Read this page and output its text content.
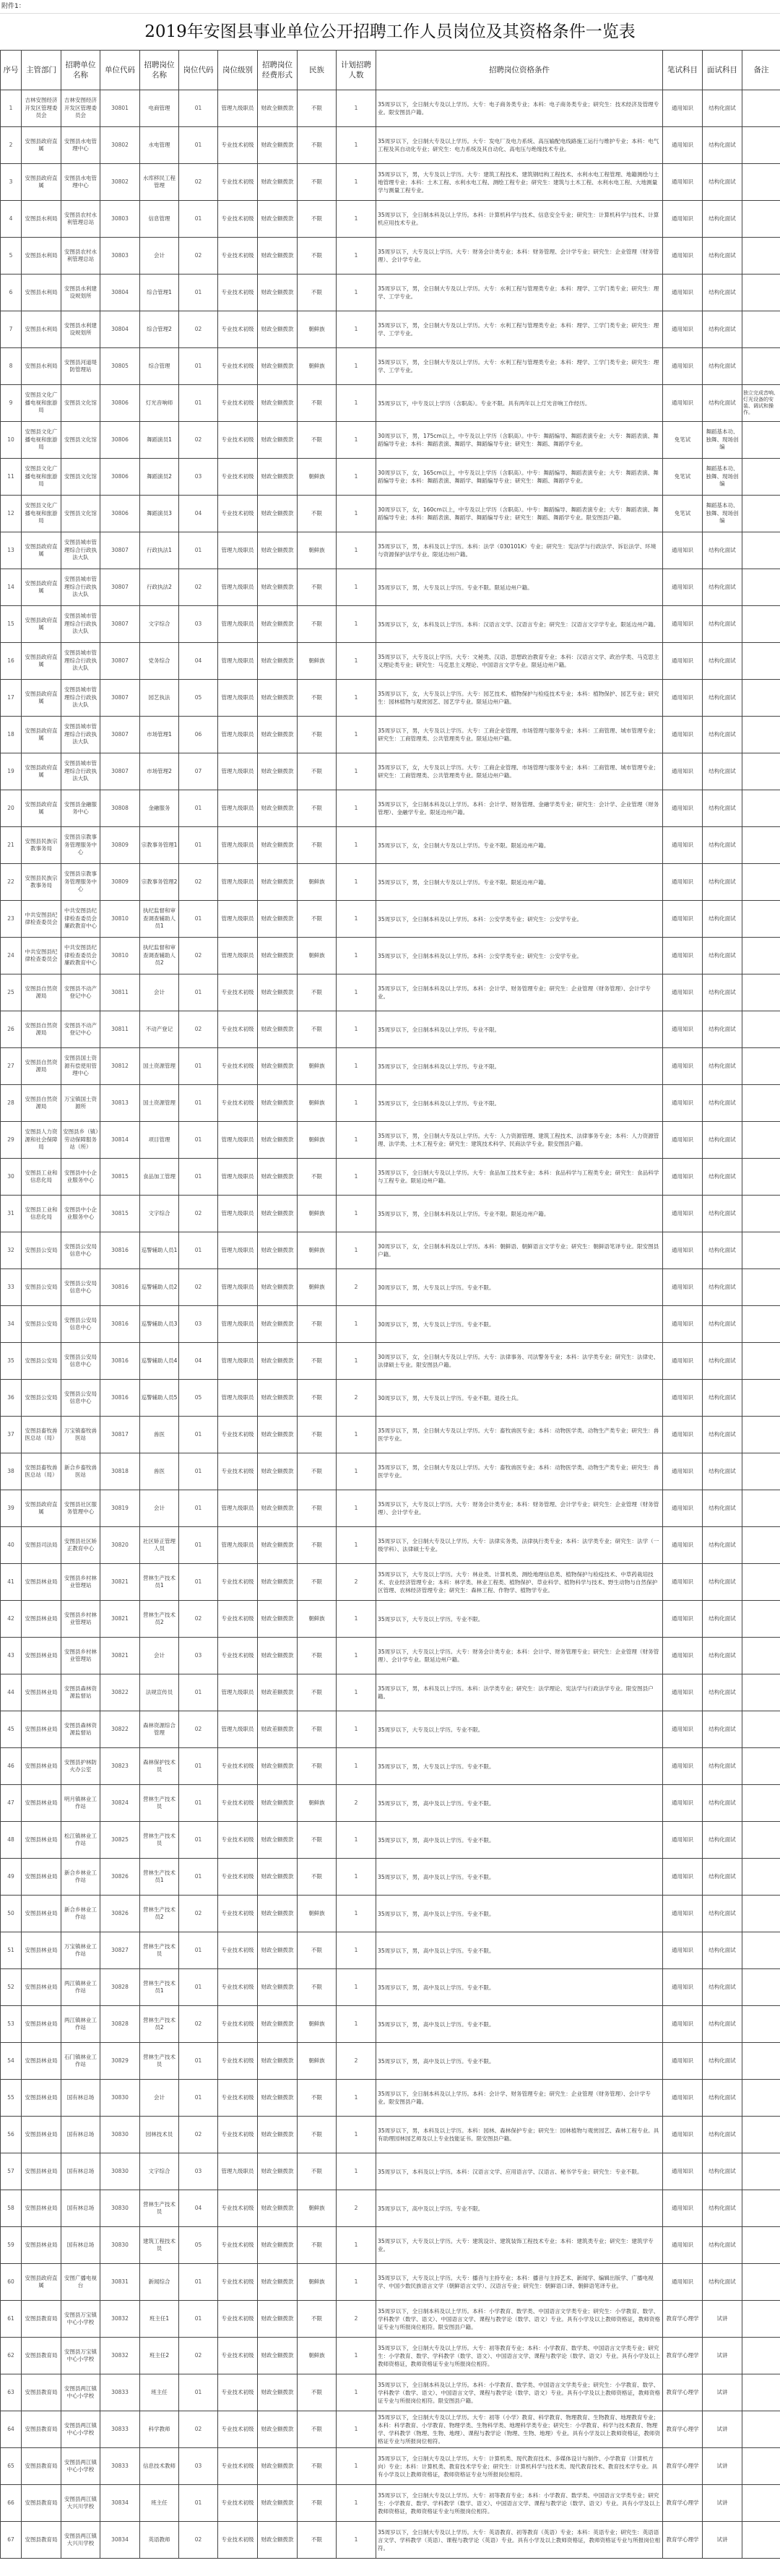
附件1：
2019年安图县事业单位公开招聘工作人员岗位及其资格条件一览表
序号	主管部门	招聘单位名称	单位代码	招聘岗位名称	岗位代码	岗位级别	招聘岗位经费形式	民族	计划招聘人数	招聘岗位资格条件	笔试科目	面试科目	备注
1	吉林安图经济开发区管理委员会	吉林安图经济开发区管理委员会	30801	电商管理	01	管理九级职员	财政全额拨款	不限	1	35周岁以下，全日制大专及以上学历。大专：电子商务类专业；本科：电子商务类专业；研究生：技术经济及管理专业。限安图县户籍。	通用知识	结构化面试	
2	安图县政府直属	安图县水电管理中心	30802	水电管理	01	专业技术初级	财政全额拨款	不限	1	35周岁以下，全日制大专及以上学历。大专：发电厂及电力系统、高压输配电线路施工运行与维护专业；本科：电气工程及其自动化专业；研究生：电力系统及其自动化、高电压与绝缘技术专业。	通用知识	结构化面试	
3	安图县政府直属	安图县水电管理中心	30802	水库移民工程管理	02	专业技术初级	财政全额拨款	不限	1	35周岁以下，男，大专及以上学历。大专：建筑工程技术、建筑钢结构工程技术、水利水电工程管理、地籍测绘与土地管理专业；本科：土木工程、水利水电工程、测绘工程专业；研究生：建筑与土木工程、水利水电工程、大地测量学与测量工程专业。	通用知识	结构化面试	
4	安图县水利局	安图县农村水利管理总站	30803	信息管理	01	专业技术初级	财政全额拨款	不限	1	35周岁以下，全日制本科及以上学历。本科：计算机科学与技术、信息安全专业；研究生：计算机科学与技术、计算机应用技术专业。	通用知识	结构化面试	
5	安图县水利局	安图县农村水利管理总站	30803	会计	02	专业技术初级	财政全额拨款	不限	1	35周岁以下，大专及以上学历。大专：财务会计类专业；本科：财务管理、会计学专业；研究生：企业管理（财务管理）、会计学专业。	通用知识	结构化面试	
6	安图县水利局	安图县水利建设规划所	30804	综合管理1	01	专业技术初级	财政全额拨款	不限	1	35周岁以下，男，全日制大专及以上学历。大专：水利工程与管理类专业；本科：理学、工学门类专业；研究生：理学、工学专业。	通用知识	结构化面试	
7	安图县水利局	安图县水利建设规划所	30804	综合管理2	02	专业技术初级	财政全额拨款	朝鲜族	1	35周岁以下，男，全日制大专及以上学历。大专：水利工程与管理类专业；本科：理学、工学门类专业；研究生：理学、工学专业。	通用知识	结构化面试	
8	安图县水利局	安图县河道堤防管理站	30805	综合管理	01	专业技术初级	财政全额拨款	朝鲜族	1	35周岁以下，男，全日制大专及以上学历。大专：水利工程与管理类专业；本科：理学、工学门类专业；研究生：理学、工学专业。	通用知识	结构化面试	
9	安图县文化广播电视和旅游局	安图县文化馆	30806	灯光音响师	01	专业技术初级	财政全额拨款	不限	1	35周岁以下，中专及以上学历（含职高）。专业不限。具有两年以上灯光音响工作经历。	通用知识	结构化面试	独立完成音响、灯光设备的安装、调试和操作。
10	安图县文化广播电视和旅游局	安图县文化馆	30806	舞蹈演员1	02	专业技术初级	财政全额拨款	不限	1	30周岁以下，男，175cm以上，中专及以上学历（含职高）。中专：舞蹈编导、舞蹈表演专业；大专：舞蹈表演、舞蹈编导专业；本科：舞蹈表演、舞蹈学、舞蹈编导专业；研究生：舞蹈、舞蹈学专业。	免笔试	舞蹈基本功、独舞、现场创编	
11	安图县文化广播电视和旅游局	安图县文化馆	30806	舞蹈演员2	03	专业技术初级	财政全额拨款	朝鲜族	1	30周岁以下，女，165cm以上，中专及以上学历（含职高）。中专：舞蹈编导、舞蹈表演专业；大专：舞蹈表演、舞蹈编导专业；本科：舞蹈表演、舞蹈学、舞蹈编导专业；研究生：舞蹈、舞蹈学专业。	免笔试	舞蹈基本功、独舞、现场创编	
12	安图县文化广播电视和旅游局	安图县文化馆	30806	舞蹈演员3	04	专业技术初级	财政全额拨款	不限	1	30周岁以下，女，160cm以上，中专及以上学历（含职高）。中专：舞蹈编导、舞蹈表演专业；大专：舞蹈表演、舞蹈编导专业；本科：舞蹈表演、舞蹈学、舞蹈编导专业；研究生：舞蹈、舞蹈学专业。限安图县户籍。	免笔试	舞蹈基本功、独舞、现场创编	
13	安图县政府直属	安图县城市管理综合行政执法大队	30807	行政执法1	01	管理九级职员	财政全额拨款	朝鲜族	1	35周岁以下，男，本科及以上学历。本科：法学（030101K）专业；研究生：宪法学与行政法学、诉讼法学、环境与资源保护法学专业。限延边州户籍。	通用知识	结构化面试	
14	安图县政府直属	安图县城市管理综合行政执法大队	30807	行政执法2	02	管理九级职员	财政全额拨款	不限	1	35周岁以下，男，大专及以上学历。专业不限。限延边州户籍。	通用知识	结构化面试	
15	安图县政府直属	安图县城市管理综合行政执法大队	30807	文字综合	03	管理九级职员	财政全额拨款	不限	1	35周岁以下，女，本科及以上学历。本科：汉语言文学、汉语言专业；研究生：汉语言文字学专业。限延边州户籍。	通用知识	结构化面试	
16	安图县政府直属	安图县城市管理综合行政执法大队	30807	党务综合	04	管理九级职员	财政全额拨款	朝鲜族	1	35周岁以下，大专及以上学历。大专：文秘类、汉语、思想政治教育专业；本科：汉语言文学、政治学类、马克思主义理论类专业；研究生：马克思主义理论、中国语言文学专业。限延边州户籍。	通用知识	结构化面试	
17	安图县政府直属	安图县城市管理综合行政执法大队	30807	园艺执法	05	管理九级职员	财政全额拨款	不限	1	35周岁以下，女，大专及以上学历。大专：园艺技术、植物保护与检疫技术专业；本科：植物保护、园艺专业；研究生：园林植物与观赏园艺、园艺学专业。限延边州户籍。	通用知识	结构化面试	
18	安图县政府直属	安图县城市管理综合行政执法大队	30807	市场管理1	06	管理九级职员	财政全额拨款	不限	1	35周岁以下，男，大专及以上学历。大专：工商企业管理、市场管理与服务专业；本科：工商管理、城市管理专业；研究生：工商管理类、公共管理类专业。限延边州户籍。	通用知识	结构化面试	
19	安图县政府直属	安图县城市管理综合行政执法大队	30807	市场管理2	07	管理九级职员	财政全额拨款	不限	1	35周岁以下，女，大专及以上学历。大专：工商企业管理、市场管理与服务专业；本科：工商管理、城市管理专业；研究生：工商管理类、公共管理类专业。限延边州户籍。	通用知识	结构化面试	
20	安图县政府直属	安图县金融服务中心	30808	金融服务	01	管理九级职员	财政全额拨款	不限	1	35周岁以下，全日制本科及以上学历。本科：会计学、财务管理、金融学类专业；研究生：会计学、企业管理（财务管理）、金融学专业。限延边州户籍。	通用知识	结构化面试	
21	安图县民族宗教事务局	安图县宗教事务管理服务中心	30809	宗教事务管理1	01	管理九级职员	财政全额拨款	不限	1	35周岁以下，女，全日制大专及以上学历。专业不限。限延边州户籍。	通用知识	结构化面试	
22	安图县民族宗教事务局	安图县宗教事务管理服务中心	30809	宗教事务管理2	02	管理九级职员	财政全额拨款	朝鲜族	1	35周岁以下，男，全日制大专及以上学历。专业不限。限延边州户籍。	通用知识	结构化面试	
23	中共安图县纪律检查委员会	中共安图县纪律检查委员会廉政教育中心	30810	执纪监督和审查调查辅助人员1	01	管理九级职员	财政全额拨款	不限	1	35周岁以下，全日制本科及以上学历。本科：公安学类专业；研究生：公安学专业。	通用知识	结构化面试	
24	中共安图县纪律检查委员会	中共安图县纪律检查委员会廉政教育中心	30810	执纪监督和审查调查辅助人员2	02	管理九级职员	财政全额拨款	朝鲜族	1	35周岁以下，全日制本科及以上学历。本科：公安学类专业；研究生：公安学专业。	通用知识	结构化面试	
25	安图县自然资源局	安图县不动产登记中心	30811	会计	01	专业技术初级	财政全额拨款	不限	1	35周岁以下，全日制本科及以上学历。本科：会计学、财务管理专业；研究生：企业管理（财务管理）、会计学专业。	通用知识	结构化面试	
26	安图县自然资源局	安图县不动产登记中心	30811	不动产登记	02	专业技术初级	财政全额拨款	不限	1	35周岁以下，全日制本科及以上学历。专业不限。	通用知识	结构化面试	
27	安图县自然资源局	安图县国土资源有偿使用管理中心	30812	国土资源管理	01	专业技术初级	财政全额拨款	朝鲜族	1	35周岁以下，全日制本科及以上学历。专业不限。	通用知识	结构化面试	
28	安图县自然资源局	万宝镇国土资源所	30813	国土资源管理	01	专业技术初级	财政全额拨款	朝鲜族	1	35周岁以下，全日制本科及以上学历。专业不限。	通用知识	结构化面试	
29	安图县人力资源和社会保障局	安图县乡（镇）劳动保障服务站（所）	30814	项目管理	01	管理九级职员	财政全额拨款	朝鲜族	1	35周岁以下，男，全日制大专及以上学历。大专：人力资源管理、建筑工程技术、法律事务专业；本科：人力资源管理、法学类、土木工程专业；研究生：建筑技术科学、民商法学专业。限安图县户籍。	通用知识	结构化面试	
30	安图县工业和信息化局	安图县中小企业服务中心	30815	食品加工管理	01	管理九级职员	财政全额拨款	不限	1	35周岁以下，全日制大专及以上学历。大专：食品加工技术专业；本科：食品科学与工程类专业；研究生：食品科学与工程专业。限延边州户籍。	通用知识	结构化面试	
31	安图县工业和信息化局	安图县中小企业服务中心	30815	文字综合	02	管理九级职员	财政全额拨款	朝鲜族	1	35周岁以下，男，全日制本科及以上学历。专业不限。限延边州户籍。	通用知识	结构化面试	
32	安图县公安局	安图县公安局信息中心	30816	巡警辅助人员1	01	管理九级职员	财政全额拨款	朝鲜族	1	30周岁以下，女，全日制本科及以上学历。本科：朝鲜语、朝鲜语言文学专业；研究生：朝鲜语笔译专业。限安图县户籍。	通用知识	结构化面试	
33	安图县公安局	安图县公安局信息中心	30816	巡警辅助人员2	02	管理九级职员	财政全额拨款	朝鲜族	2	30周岁以下，男，大专及以上学历。专业不限。	通用知识	结构化面试	
34	安图县公安局	安图县公安局信息中心	30816	巡警辅助人员3	03	管理九级职员	财政全额拨款	不限	1	30周岁以下，男，大专及以上学历。专业不限。	通用知识	结构化面试	
35	安图县公安局	安图县公安局信息中心	30816	巡警辅助人员4	04	管理九级职员	财政全额拨款	不限	1	30周岁以下，女，全日制大专及以上学历。大专：法律事务、司法警务专业；本科：法学类专业；研究生：法律史、法律硕士专业。限安图县户籍。	通用知识	结构化面试	
36	安图县公安局	安图县公安局信息中心	30816	巡警辅助人员5	05	管理九级职员	财政全额拨款	不限	2	30周岁以下，男，大专及以上学历。专业不限。退役士兵。	通用知识	结构化面试	
37	安图县畜牧兽医总站（局）	万宝镇畜牧兽医站	30817	兽医	01	专业技术初级	财政全额拨款	不限	1	35周岁以下，男，全日制大专及以上学历。大专：畜牧兽医专业；本科：动物医学类、动物生产类专业；研究生：兽医学专业。	通用知识	结构化面试	
38	安图县畜牧兽医总站（局）	新合乡畜牧兽医站	30818	兽医	01	专业技术初级	财政全额拨款	不限	1	35周岁以下，男，全日制大专及以上学历。大专：畜牧兽医专业；本科：动物医学类、动物生产类专业；研究生：兽医学专业。	通用知识	结构化面试	
39	安图县政府直属	安图县社区服务管理中心	30819	会计	01	管理九级职员	财政全额拨款	不限	1	35周岁以下，大专及以上学历。大专：财务会计类专业；本科：财务管理、会计学专业；研究生：企业管理（财务管理）、会计学专业。	通用知识	结构化面试	
40	安图县司法局	安图县社区矫正教育中心	30820	社区矫正管理人员	01	管理九级职员	财政全额拨款	不限	1	35周岁以下，全日制大专及以上学历。大专：法律实务类、法律执行类专业；本科：法学类专业；研究生：法学（一级学科）、法律硕士专业。	通用知识	结构化面试	
41	安图县林业局	安图县乡村林业管理站	30821	营林生产技术员1	01	专业技术初级	财政全额拨款	不限	2	35周岁以下，大专及以上学历。大专：林业类、计算机类、测绘地理信息类、植物保护与检疫技术、中草药栽培技术、农业经济管理专业；本科：林学类、林业工程类、植物保护、草业科学、植物科学与技术、野生动物与自然保护区管理、农林经济管理专业；研究生：森林工程、作物学、植物学专业。	通用知识	结构化面试	
42	安图县林业局	安图县乡村林业管理站	30821	营林生产技术员2	02	专业技术初级	财政全额拨款	朝鲜族	1	35周岁以下，大专及以上学历。专业不限。	通用知识	结构化面试	
43	安图县林业局	安图县乡村林业管理站	30821	会计	03	专业技术初级	财政全额拨款	不限	1	35周岁以下，大专及以上学历。大专：财务会计类专业；本科：会计学、财务管理专业；研究生：企业管理（财务管理）、会计学专业。限延边州户籍。	通用知识	结构化面试	
44	安图县林业局	安图县森林资源监督站	30822	法规宣传员	01	管理九级职员	财政差额拨款	不限	1	35周岁以下，男，本科及以上学历。本科：法学类专业；研究生：法学理论、宪法学与行政法学专业。限安图县户籍。	通用知识	结构化面试	
45	安图县林业局	安图县森林资源监督站	30822	森林资源综合管理	02	管理九级职员	财政差额拨款	不限	1	35周岁以下，大专及以上学历。专业不限。	通用知识	结构化面试	
46	安图县林业局	安图县护林防火办公室	30823	森林保护技术员	01	专业技术初级	财政全额拨款	不限	1	35周岁以下，男，大专及以上学历。专业不限。	通用知识	结构化面试	
47	安图县林业局	明月镇林业工作站	30824	营林生产技术员	01	专业技术初级	财政全额拨款	朝鲜族	2	35周岁以下，男，高中及以上学历。专业不限。	通用知识	结构化面试	
48	安图县林业局	松江镇林业工作站	30825	营林生产技术员	01	专业技术初级	财政全额拨款	不限	1	35周岁以下，男，高中及以上学历。专业不限。	通用知识	结构化面试	
49	安图县林业局	新合乡林业工作站	30826	营林生产技术员1	01	专业技术初级	财政全额拨款	不限	1	35周岁以下，男，高中及以上学历。专业不限。	通用知识	结构化面试	
50	安图县林业局	新合乡林业工作站	30826	营林生产技术员2	02	专业技术初级	财政全额拨款	朝鲜族	1	35周岁以下，男，高中及以上学历。专业不限。	通用知识	结构化面试	
51	安图县林业局	万宝镇林业工作站	30827	营林生产技术员	01	专业技术初级	财政全额拨款	不限	1	35周岁以下，男，高中及以上学历。专业不限。	通用知识	结构化面试	
52	安图县林业局	两江镇林业工作站	30828	营林生产技术员1	01	专业技术初级	财政全额拨款	不限	1	35周岁以下，男，高中及以上学历。专业不限。	通用知识	结构化面试	
53	安图县林业局	两江镇林业工作站	30828	营林生产技术员2	02	专业技术初级	财政全额拨款	朝鲜族	1	35周岁以下，男，高中及以上学历。专业不限。	通用知识	结构化面试	
54	安图县林业局	石门镇林业工作站	30829	营林生产技术员	01	专业技术初级	财政全额拨款	朝鲜族	2	35周岁以下，男，高中及以上学历。专业不限。	通用知识	结构化面试	
55	安图县林业局	国有林总场	30830	会计	01	专业技术初级	财政全额拨款	不限	1	35周岁以下，全日制本科及以上学历。本科：会计学、财务管理专业；研究生：企业管理（财务管理）、会计学专业。限安图县户籍。	通用知识	结构化面试	
56	安图县林业局	国有林总场	30830	园林技术员	02	专业技术初级	财政全额拨款	不限	1	35周岁以下，男，本科及以上学历。本科：园林、森林保护专业；研究生：园林植物与观赏园艺、森林工程专业。具有助理园林园艺师及以上专业技能证书。限安图县户籍。	通用知识	结构化面试	
57	安图县林业局	国有林总场	30830	文字综合	03	管理九级职员	财政全额拨款	不限	1	35周岁以下，本科及以上学历。本科：汉语言文学、应用语言学、汉语言、秘书学专业；研究生：专业不限。	通用知识	结构化面试	
58	安图县林业局	国有林总场	30830	营林生产技术员	04	专业技术初级	财政全额拨款	朝鲜族	2	35周岁以下，高中及以上学历。专业不限。	通用知识	结构化面试	
59	安图县林业局	国有林总场	30830	建筑工程技术员	05	专业技术初级	财政全额拨款	不限	1	35周岁以下，大专及以上学历。大专：建筑设计、建筑装饰工程技术专业；本科：建筑类专业；研究生：建筑学专业。	通用知识	结构化面试	
60	安图县政府直属	安图广播电视台	30831	新闻综合	01	专业技术初级	财政全额拨款	朝鲜族	1	35周岁以下，大专及以上学历。大专：播音与主持专业；本科：播音与主持艺术、新闻学、编辑出版学、广播电视学、中国少数民族语言文学（朝鲜语言文学）、汉语言专业；研究生：朝鲜语口译、朝鲜语笔译专业。	通用知识	结构化面试	
61	安图县教育局	安图县万宝镇中心小学校	30832	班主任1	01	专业技术初级	财政全额拨款	不限	2	35周岁以下，全日制本科及以上学历。本科：小学教育、数学类、中国语言文学类专业；研究生：小学教育、数学、学科教学（数学、语文）、中国语言文学、课程与教学论（数学、语文）专业。具有小学及以上教师资格证，教师资格证专业与所报岗位相符。限安图县户籍。	教育学心理学	试讲	
62	安图县教育局	安图县万宝镇中心小学校	30832	班主任2	02	专业技术初级	财政全额拨款	朝鲜族	1	35周岁以下，全日制大专及以上学历。大专：初等教育专业；本科：小学教育、数学类、中国语言文学类专业；研究生：小学教育、数学、学科教学（数学、语文）、中国语言文学、课程与教学论（数学、语文）专业。具有小学及以上教师资格证，教师资格证专业与所报岗位相符。	教育学心理学	试讲	
63	安图县教育局	安图县两江镇中心小学校	30833	班主任	01	专业技术初级	财政全额拨款	不限	1	35周岁以下，全日制本科及以上学历。本科：小学教育、数学类、中国语言文学类专业；研究生：小学教育、数学、学科教学（数学、语文）、中国语言文学、课程与教学论（数学、语文）专业。具有小学及以上教师资格证，教师资格证专业与所报岗位相符。限安图县户籍。	教育学心理学	试讲	
64	安图县教育局	安图县两江镇中心小学校	30833	科学教师	02	专业技术初级	财政全额拨款	不限	1	35周岁以下，全日制大专及以上学历。大专：初等（小学）教育、科学教育、物理教育、生物教育、地理教育专业；本科：科学教育、小学教育、物理学类、生物科学类、地理科学类专业；研究生：小学教育、科学与技术教育、物理学、学科教学（物理、生物、地理）、课程与教学论（物理、生物、地理）专业。具有小学及以上教师资格证，教师资格证专业与所报岗位相符。	教育学心理学	试讲	
65	安图县教育局	安图县两江镇中心小学校	30833	信息技术教师	03	专业技术初级	财政全额拨款	不限	1	35周岁以下，全日制大专及以上学历。大专：计算机类、现代教育技术、多媒体设计与制作、小学教育（计算机方向）专业；本科：计算机类、教育技术学专业；研究生：计算机科学与技术类、现代教育技术、教育技术学专业。具有小学及以上教师资格证，教师资格证专业与所报岗位相符。	教育学心理学	试讲	
66	安图县教育局	安图县两江镇大兴川学校	30834	班主任	01	专业技术初级	财政全额拨款	不限	1	35周岁以下，全日制大专及以上学历。大专：初等教育专业；本科：小学教育、数学类、中国语言文学类专业；研究生：小学教育、数学、学科教学（数学、语文）、中国语言文学、课程与教学论（数学、语文）专业。具有小学及以上教师资格证，教师资格证专业与所报岗位相符。	教育学心理学	试讲	
67	安图县教育局	安图县两江镇大兴川学校	30834	英语教师	02	专业技术初级	财政全额拨款	不限	1	35周岁以下，全日制大专及以上学历。大专：英语教育、初等教育（英语）专业；本科：英语专业；研究生：英语语言文学、学科教学（英语）、课程与教学论（英语）专业。具有小学及以上教师资格证，教师资格证专业与所报岗位相符。	教育学心理学	试讲	
